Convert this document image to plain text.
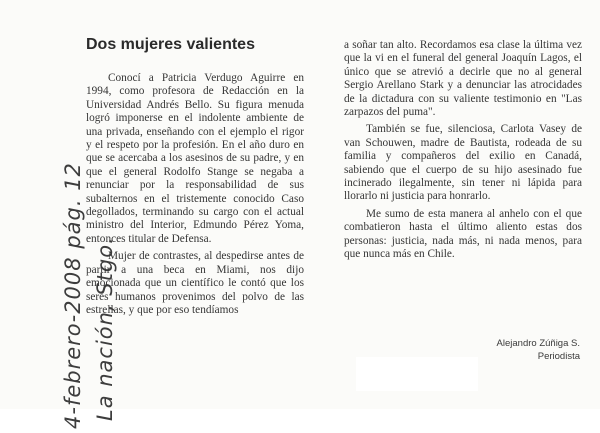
La nación, Stgo.
4-febrero-2008 pág. 12
Dos mujeres valientes

Conocí a Patricia Verdugo Aguirre en 1994, como profesora de Redacción en la Universidad Andrés Bello. Su figura menuda logró imponerse en el indolente ambiente de una privada, enseñando con el ejemplo el rigor y el respeto por la profesión. En el año duro en que se acercaba a los asesinos de su padre, y en que el general Rodolfo Stange se negaba a renunciar por la responsabilidad de sus subalternos en el tristemente conocido Caso degollados, terminando su cargo con el actual ministro del Interior, Edmundo Pérez Yoma, entonces titular de Defensa.

Mujer de contrastes, al despedirse antes de partir a una beca en Miami, nos dijo emocionada que un científico le contó que los seres humanos provenimos del polvo de las estrellas, y que por eso tendíamos

a soñar tan alto. Recordamos esa clase la última vez que la vi en el funeral del general Joaquín Lagos, el único que se atrevió a decirle que no al general Sergio Arellano Stark y a denunciar las atrocidades de la dictadura con su valiente testimonio en "Las zarpazos del puma".

También se fue, silenciosa, Carlota Vasey de van Schouwen, madre de Bautista, rodeada de su familia y compañeros del exilio en Canadá, sabiendo que el cuerpo de su hijo asesinado fue incinerado ilegalmente, sin tener ni lápida para llorarlo ni justicia para honrarlo.

Me sumo de esta manera al anhelo con el que combatieron hasta el último aliento estas dos personas: justicia, nada más, ni nada menos, para que nunca más en Chile.

Alejandro Zúñiga S.
Periodista
